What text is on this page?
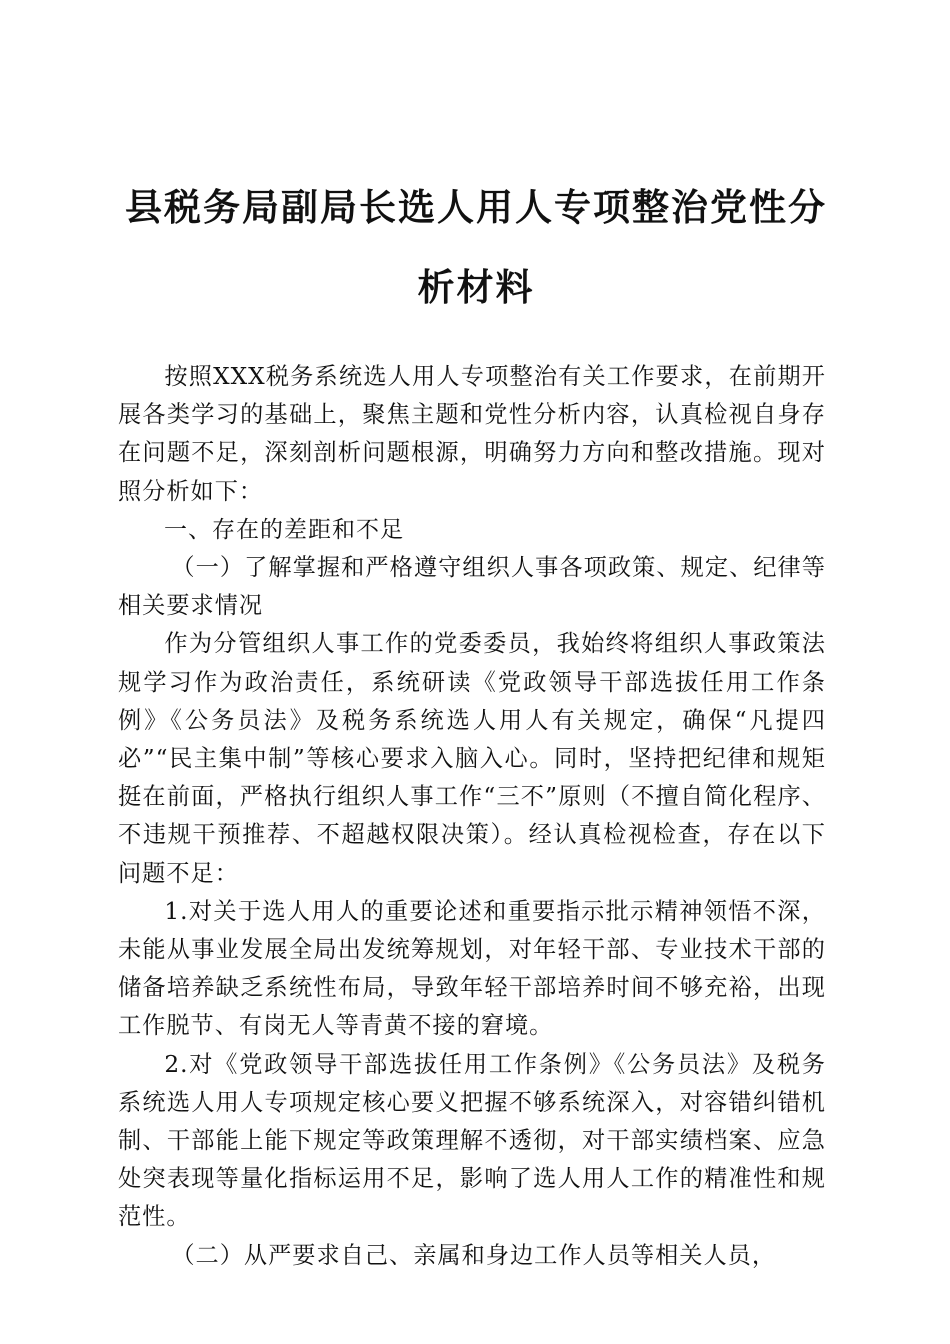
县税务局副局长选人用人专项整治党性分析材料

按照XXX税务系统选人用人专项整治有关工作要求，在前期开展各类学习的基础上，聚焦主题和党性分析内容，认真检视自身存在问题不足，深刻剖析问题根源，明确努力方向和整改措施。现对照分析如下：

一、存在的差距和不足

（一）了解掌握和严格遵守组织人事各项政策、规定、纪律等相关要求情况

作为分管组织人事工作的党委委员，我始终将组织人事政策法规学习作为政治责任，系统研读《党政领导干部选拔任用工作条例》《公务员法》及税务系统选人用人有关规定，确保“凡提四必”“民主集中制”等核心要求入脑入心。同时，坚持把纪律和规矩挺在前面，严格执行组织人事工作“三不”原则（不擅自简化程序、不违规干预推荐、不超越权限决策）。经认真检视检查，存在以下问题不足：

1.对关于选人用人的重要论述和重要指示批示精神领悟不深，未能从事业发展全局出发统筹规划，对年轻干部、专业技术干部的储备培养缺乏系统性布局，导致年轻干部培养时间不够充裕，出现工作脱节、有岗无人等青黄不接的窘境。

2.对《党政领导干部选拔任用工作条例》《公务员法》及税务系统选人用人专项规定核心要义把握不够系统深入，对容错纠错机制、干部能上能下规定等政策理解不透彻，对干部实绩档案、应急处突表现等量化指标运用不足，影响了选人用人工作的精准性和规范性。

（二）从严要求自己、亲属和身边工作人员等相关人员，
